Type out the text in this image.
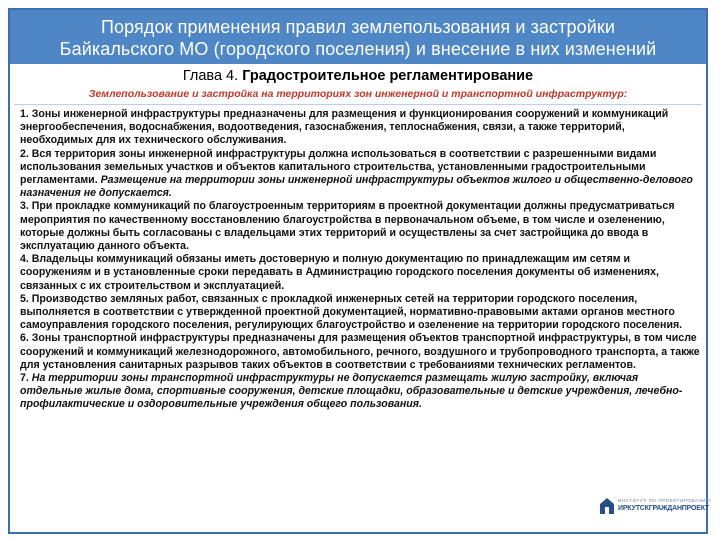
Порядок применения правил землепользования и застройки
Байкальского МО (городского поселения) и внесение в них изменений
Глава 4. Градостроительное регламентирование
Землепользование и застройка на территориях зон инженерной и транспортной инфраструктур:

1. Зоны инженерной инфраструктуры предназначены для размещения и функционирования сооружений и коммуникаций энергообеспечения, водоснабжения, водоотведения, газоснабжения, теплоснабжения, связи, а также территорий, необходимых для их технического обслуживания.

2. Вся территория зоны инженерной инфраструктуры должна использоваться в соответствии с разрешенными видами использования земельных участков и объектов капитального строительства, установленными градостроительными регламентами. Размещение на территории зоны инженерной инфраструктуры объектов жилого и общественно-делового назначения не допускается.

3. При прокладке коммуникаций по благоустроенным территориям в проектной документации должны предусматриваться мероприятия по качественному восстановлению благоустройства в первоначальном объеме, в том числе и озеленению, которые должны быть согласованы с владельцами этих территорий и осуществлены за счет застройщика до ввода в эксплуатацию данного объекта.

4. Владельцы коммуникаций обязаны иметь достоверную и полную документацию по принадлежащим им сетям и сооружениям и в установленные сроки передавать в Администрацию городского поселения документы об изменениях, связанных с их строительством и эксплуатацией.

5. Производство земляных работ, связанных с прокладкой инженерных сетей на территории городского поселения, выполняется в соответствии с утвержденной проектной документацией, нормативно-правовыми актами органов местного самоуправления городского поселения, регулирующих благоустройство и озеленение на территории городского поселения.

6. Зоны транспортной инфраструктуры предназначены для размещения объектов транспортной инфраструктуры, в том числе сооружений и коммуникаций железнодорожного, автомобильного, речного, воздушного и трубопроводного транспорта, а также для установления санитарных разрывов таких объектов в соответствии с требованиями технических регламентов.

7. На территории зоны транспортной инфраструктуры не допускается размещать жилую застройку, включая отдельные жилые дома, спортивные сооружения, детские площадки, образовательные и детские учреждения, лечебно-профилактические и оздоровительные учреждения общего пользования.

ИНСТИТУТ ПО ПРОЕКТИРОВАНИЮ
ИРКУТСКГРАЖДАНПРОЕКТ
